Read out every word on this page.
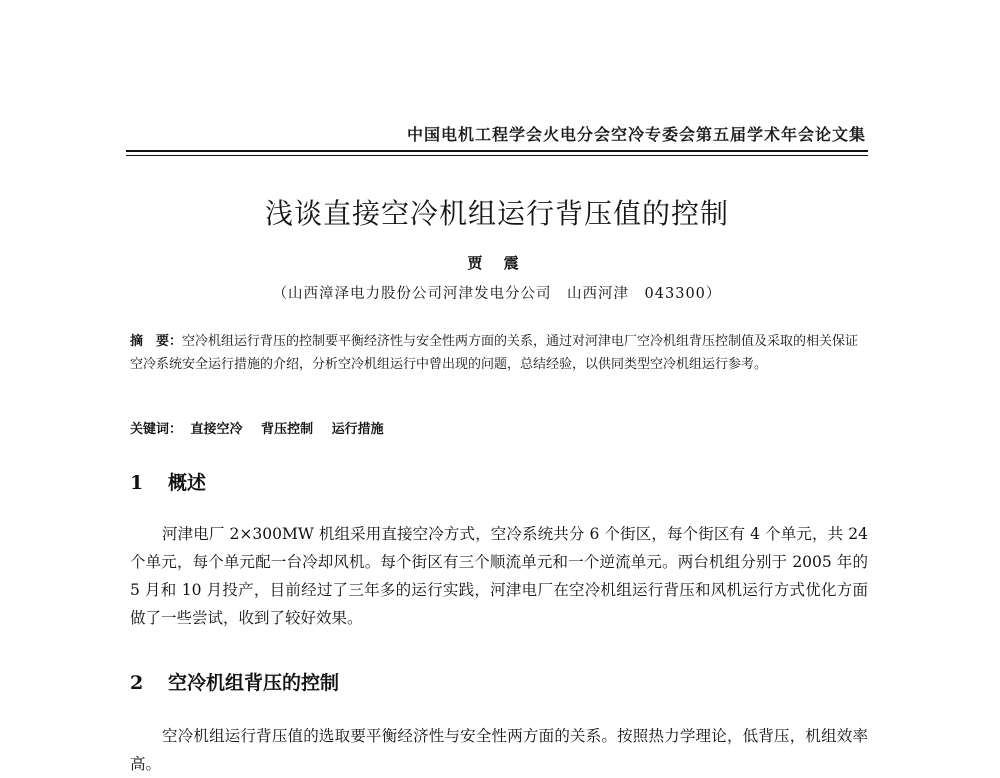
中国电机工程学会火电分会空冷专委会第五届学术年会论文集
浅谈直接空冷机组运行背压值的控制
贾 震
（山西漳泽电力股份公司河津发电分公司　山西河津　043300）
摘　要：空冷机组运行背压的控制要平衡经济性与安全性两方面的关系，通过对河津电厂空冷机组背压控制值及采取的相关保证空冷系统安全运行措施的介绍，分析空冷机组运行中曾出现的问题，总结经验，以供同类型空冷机组运行参考。
关键词： 直接空冷 背压控制 运行措施
1 概述
河津电厂 2×300MW 机组采用直接空冷方式，空冷系统共分 6 个街区，每个街区有 4 个单元，共 24 个单元，每个单元配一台冷却风机。每个街区有三个顺流单元和一个逆流单元。两台机组分别于 2005 年的 5 月和 10 月投产，目前经过了三年多的运行实践，河津电厂在空冷机组运行背压和风机运行方式优化方面做了一些尝试，收到了较好效果。
2 空冷机组背压的控制
空冷机组运行背压值的选取要平衡经济性与安全性两方面的关系。按照热力学理论，低背压，机组效率高。
